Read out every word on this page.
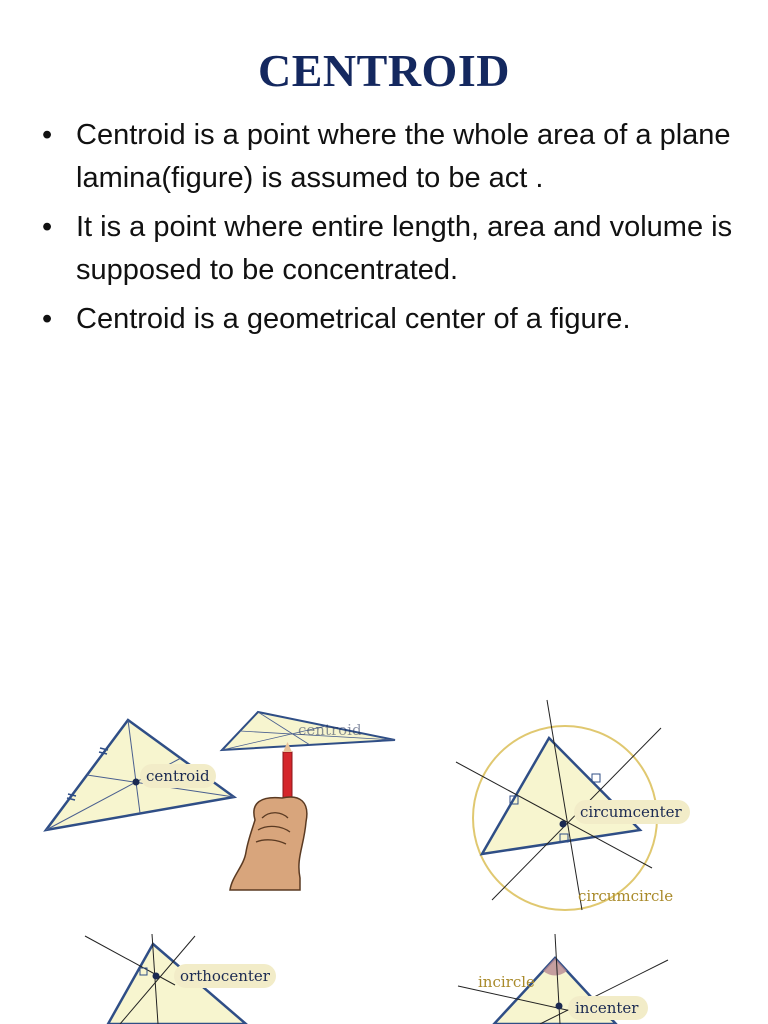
CENTROID
• Centroid is a point where the whole area of a plane lamina(figure) is assumed to be act .
• It is a point where entire length, area and volume is supposed to be concentrated.
• Centroid is a geometrical center of a figure.
centroid
centroid
circumcenter
circumcircle
orthocenter	incircle
incenter
